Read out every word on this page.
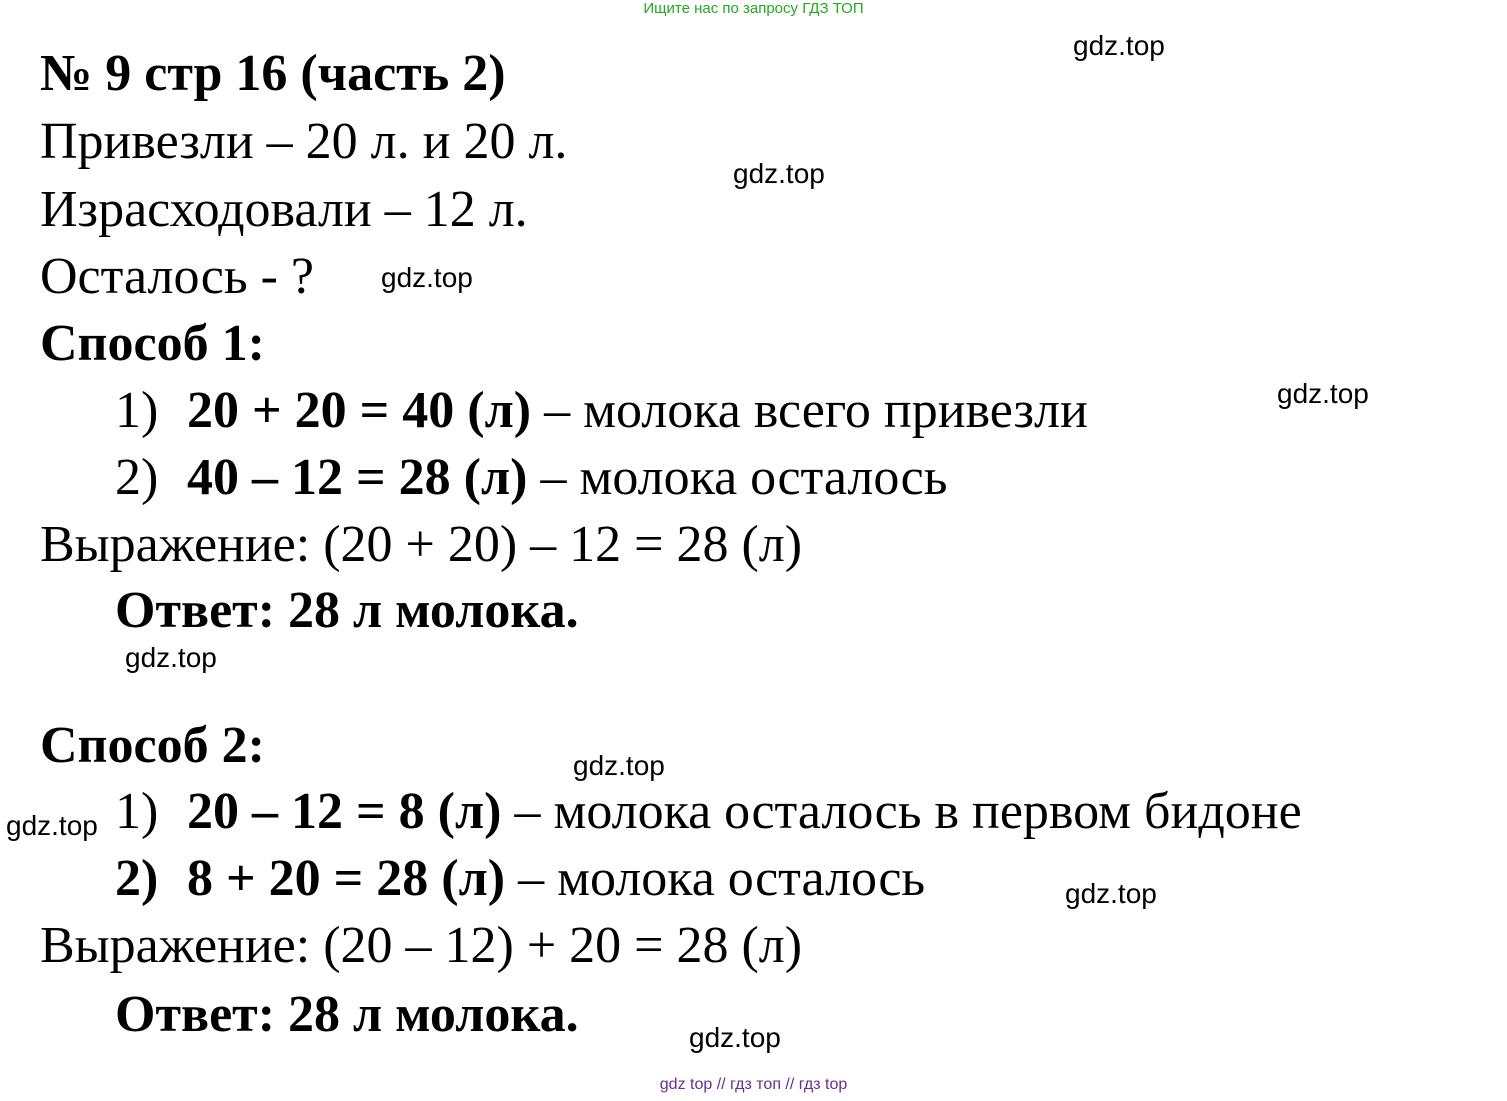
Ищите нас по запросу ГДЗ ТОП
№ 9 стр 16 (часть 2)
Привезли – 20 л. и 20 л.
Израсходовали – 12 л.
Осталось - ?
Способ 1:
1) 20 + 20 = 40 (л) – молока всего привезли
2) 40 – 12 = 28 (л) – молока осталось
Выражение: (20 + 20) – 12 = 28 (л)
Ответ: 28 л молока.
Способ 2:
1) 20 – 12 = 8 (л) – молока осталось в первом бидоне
2) 8 + 20 = 28 (л) – молока осталось
Выражение: (20 – 12) + 20 = 28 (л)
Ответ: 28 л молока.
gdz.top
gdz.top
gdz.top
gdz.top
gdz.top
gdz.top
gdz.top
gdz.top
gdz.top
gdz top // гдз топ // гдз top
